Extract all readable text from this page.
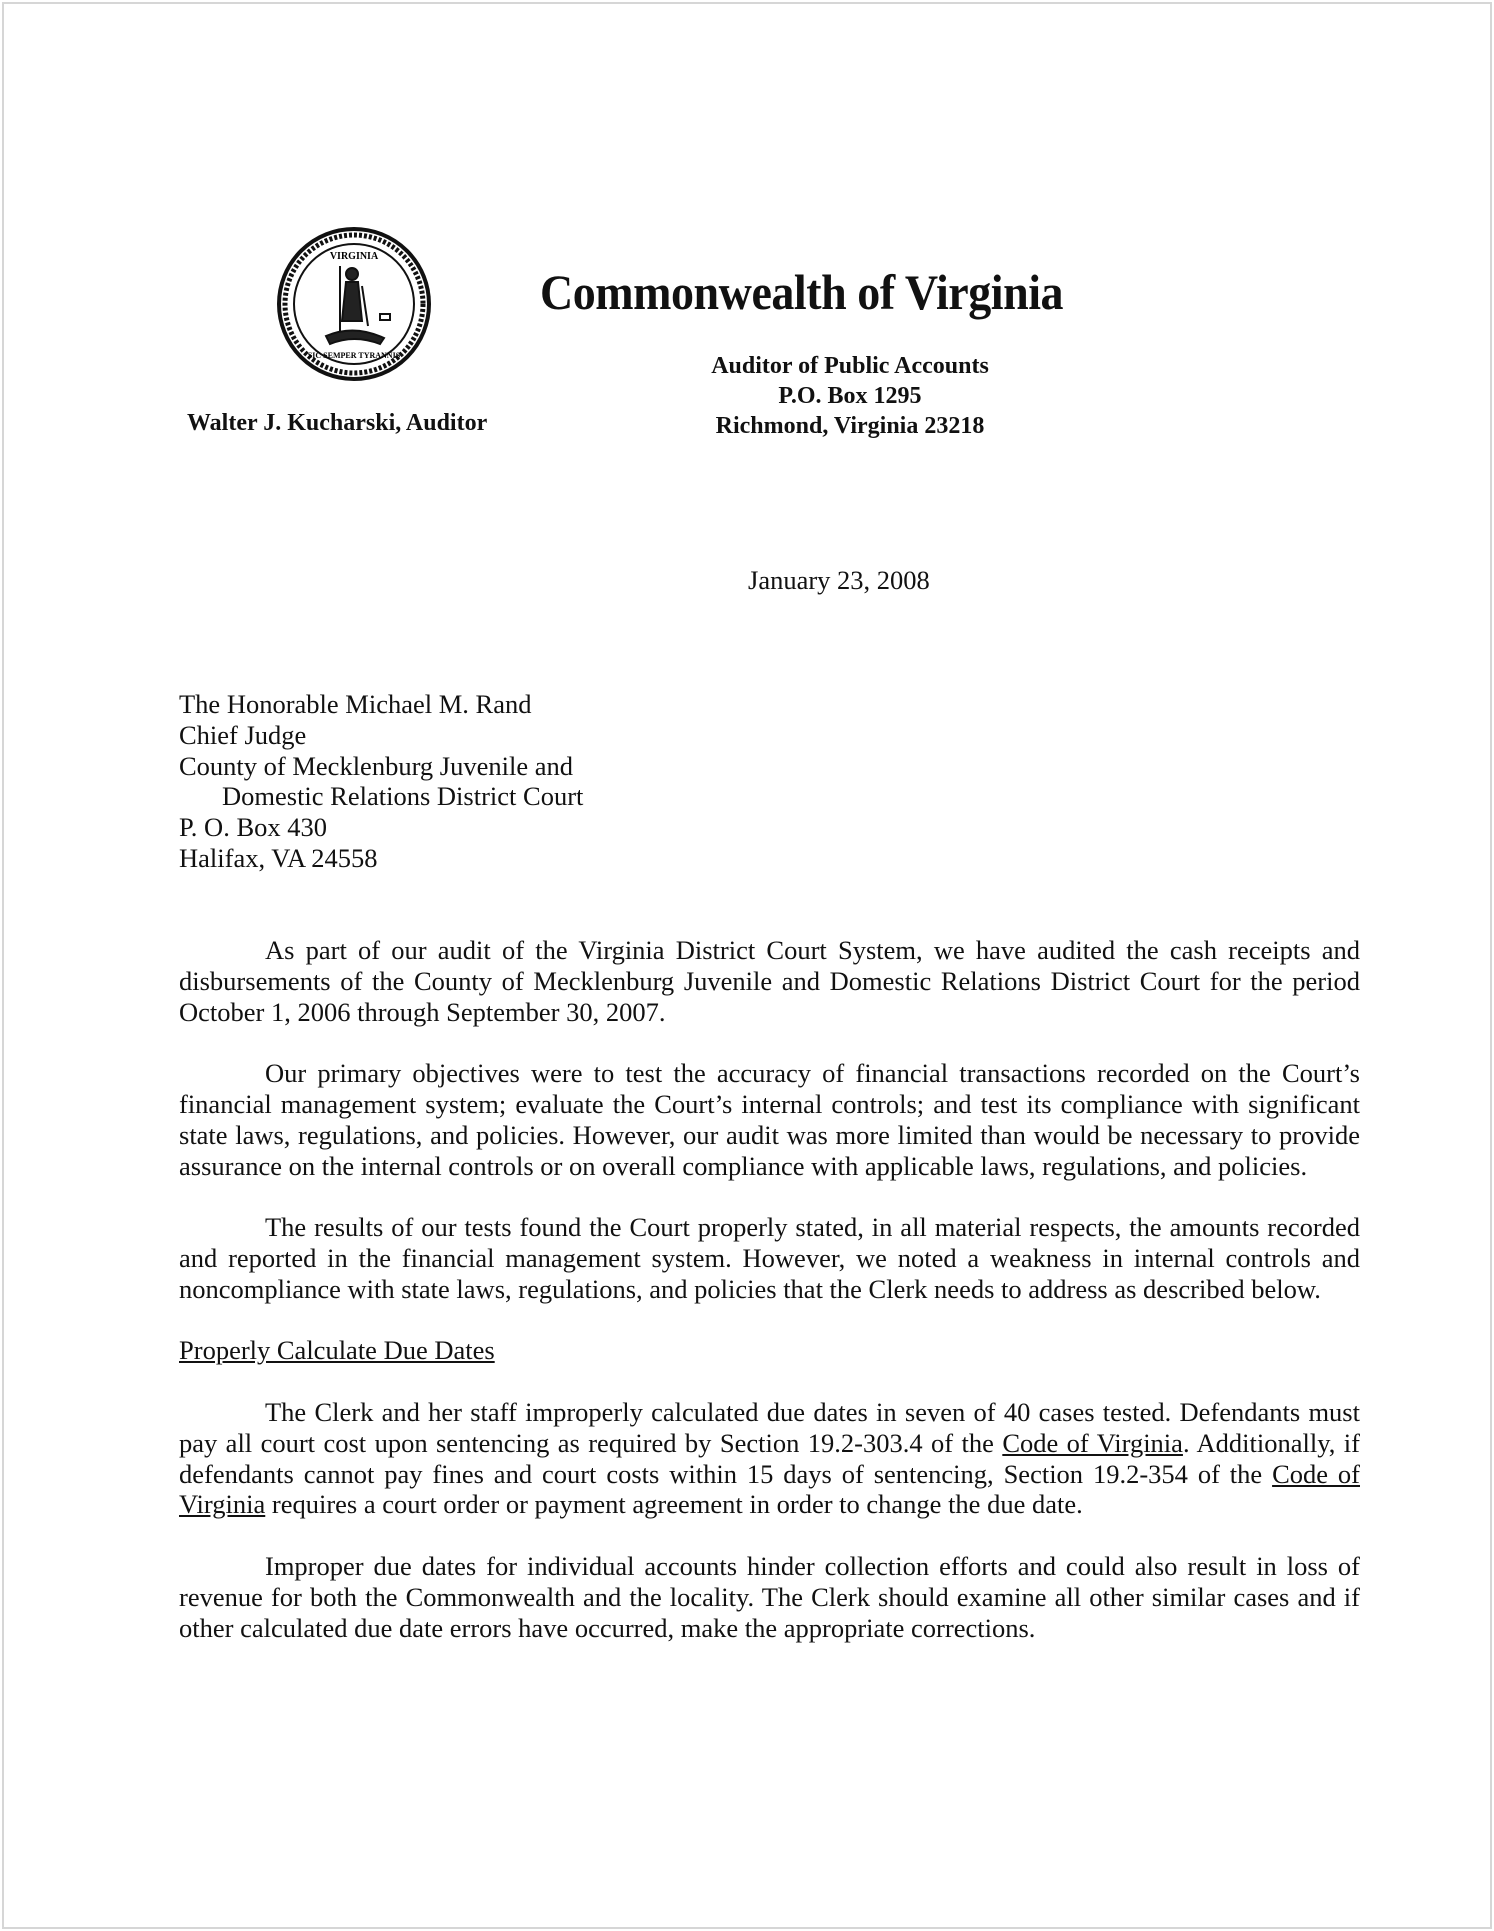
VIRGINIA
SIC SEMPER TYRANNIS
Commonwealth of Virginia
Walter J. Kucharski, Auditor
Auditor of Public Accounts
P.O. Box 1295
Richmond, Virginia 23218
January 23, 2008
The Honorable Michael M. Rand
Chief Judge
County of Mecklenburg Juvenile and
Domestic Relations District Court
P. O. Box 430
Halifax, VA 24558

As part of our audit of the Virginia District Court System, we have audited the cash receipts and disbursements of the County of Mecklenburg Juvenile and Domestic Relations District Court for the period October 1, 2006 through September 30, 2007.

Our primary objectives were to test the accuracy of financial transactions recorded on the Court’s financial management system; evaluate the Court’s internal controls; and test its compliance with significant state laws, regulations, and policies. However, our audit was more limited than would be necessary to provide assurance on the internal controls or on overall compliance with applicable laws, regulations, and policies.

The results of our tests found the Court properly stated, in all material respects, the amounts recorded and reported in the financial management system. However, we noted a weakness in internal controls and noncompliance with state laws, regulations, and policies that the Clerk needs to address as described below.

Properly Calculate Due Dates

The Clerk and her staff improperly calculated due dates in seven of 40 cases tested. Defendants must pay all court cost upon sentencing as required by Section 19.2-303.4 of the Code of Virginia. Additionally, if defendants cannot pay fines and court costs within 15 days of sentencing, Section 19.2-354 of the Code of Virginia requires a court order or payment agreement in order to change the due date.

Improper due dates for individual accounts hinder collection efforts and could also result in loss of revenue for both the Commonwealth and the locality. The Clerk should examine all other similar cases and if other calculated due date errors have occurred, make the appropriate corrections.
